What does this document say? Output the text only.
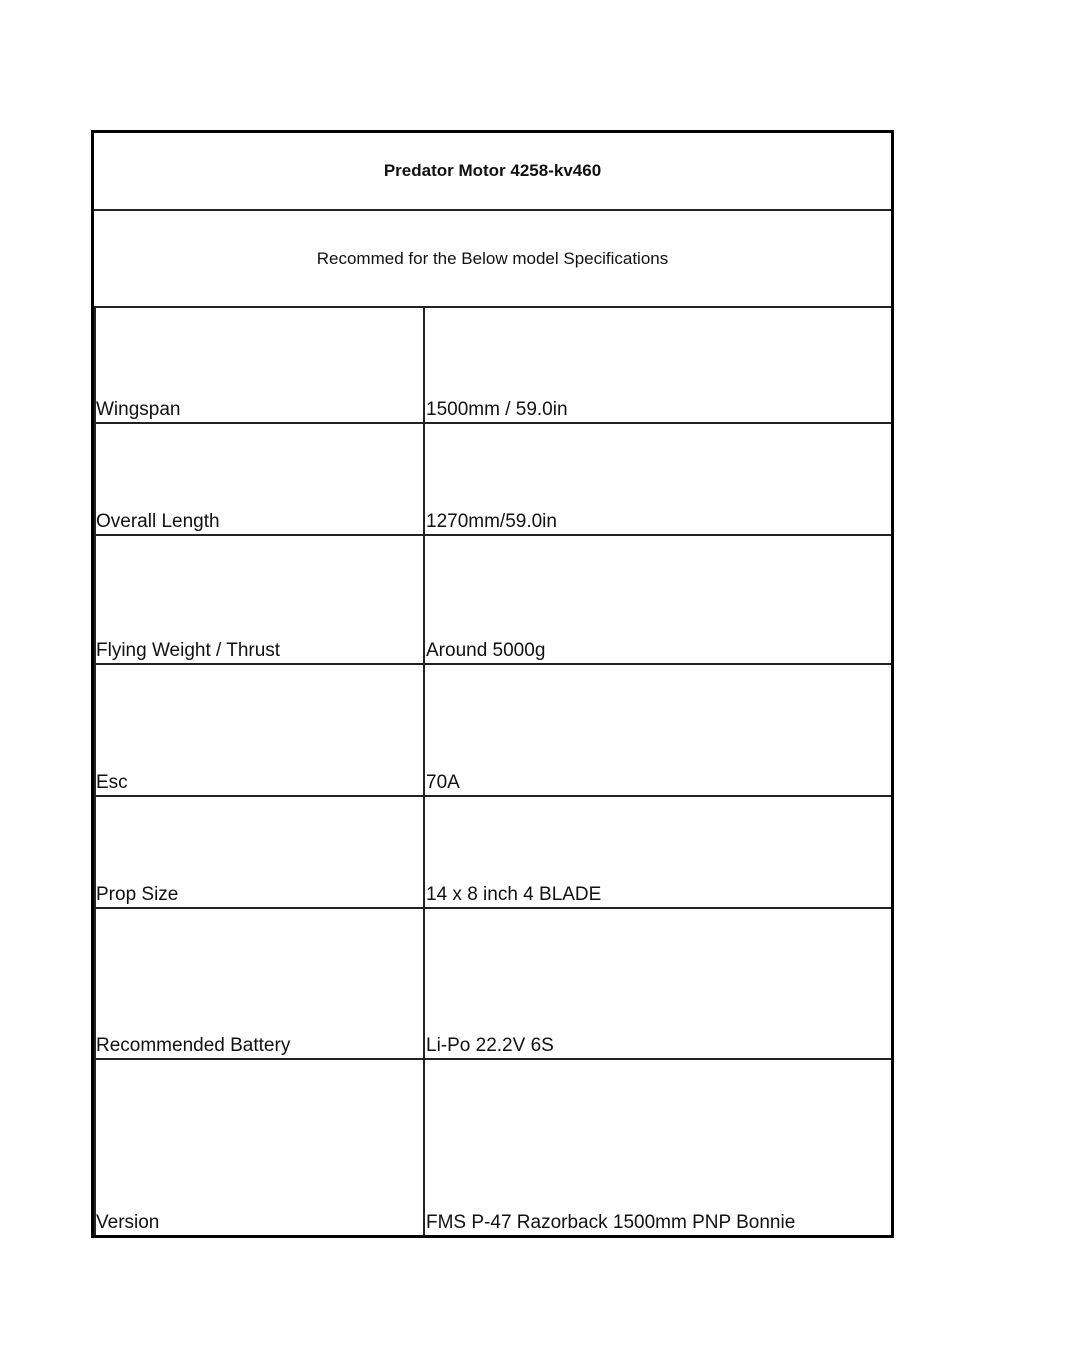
Predator Motor 4258-kv460
Recommed for the Below model Specifications
Wingspan	1500mm / 59.0in
Overall Length	1270mm/59.0in
Flying Weight / Thrust	Around 5000g
Esc	70A
Prop Size	14 x 8 inch 4 BLADE
Recommended Battery	Li-Po 22.2V 6S
Version	FMS P-47 Razorback 1500mm PNP Bonnie
